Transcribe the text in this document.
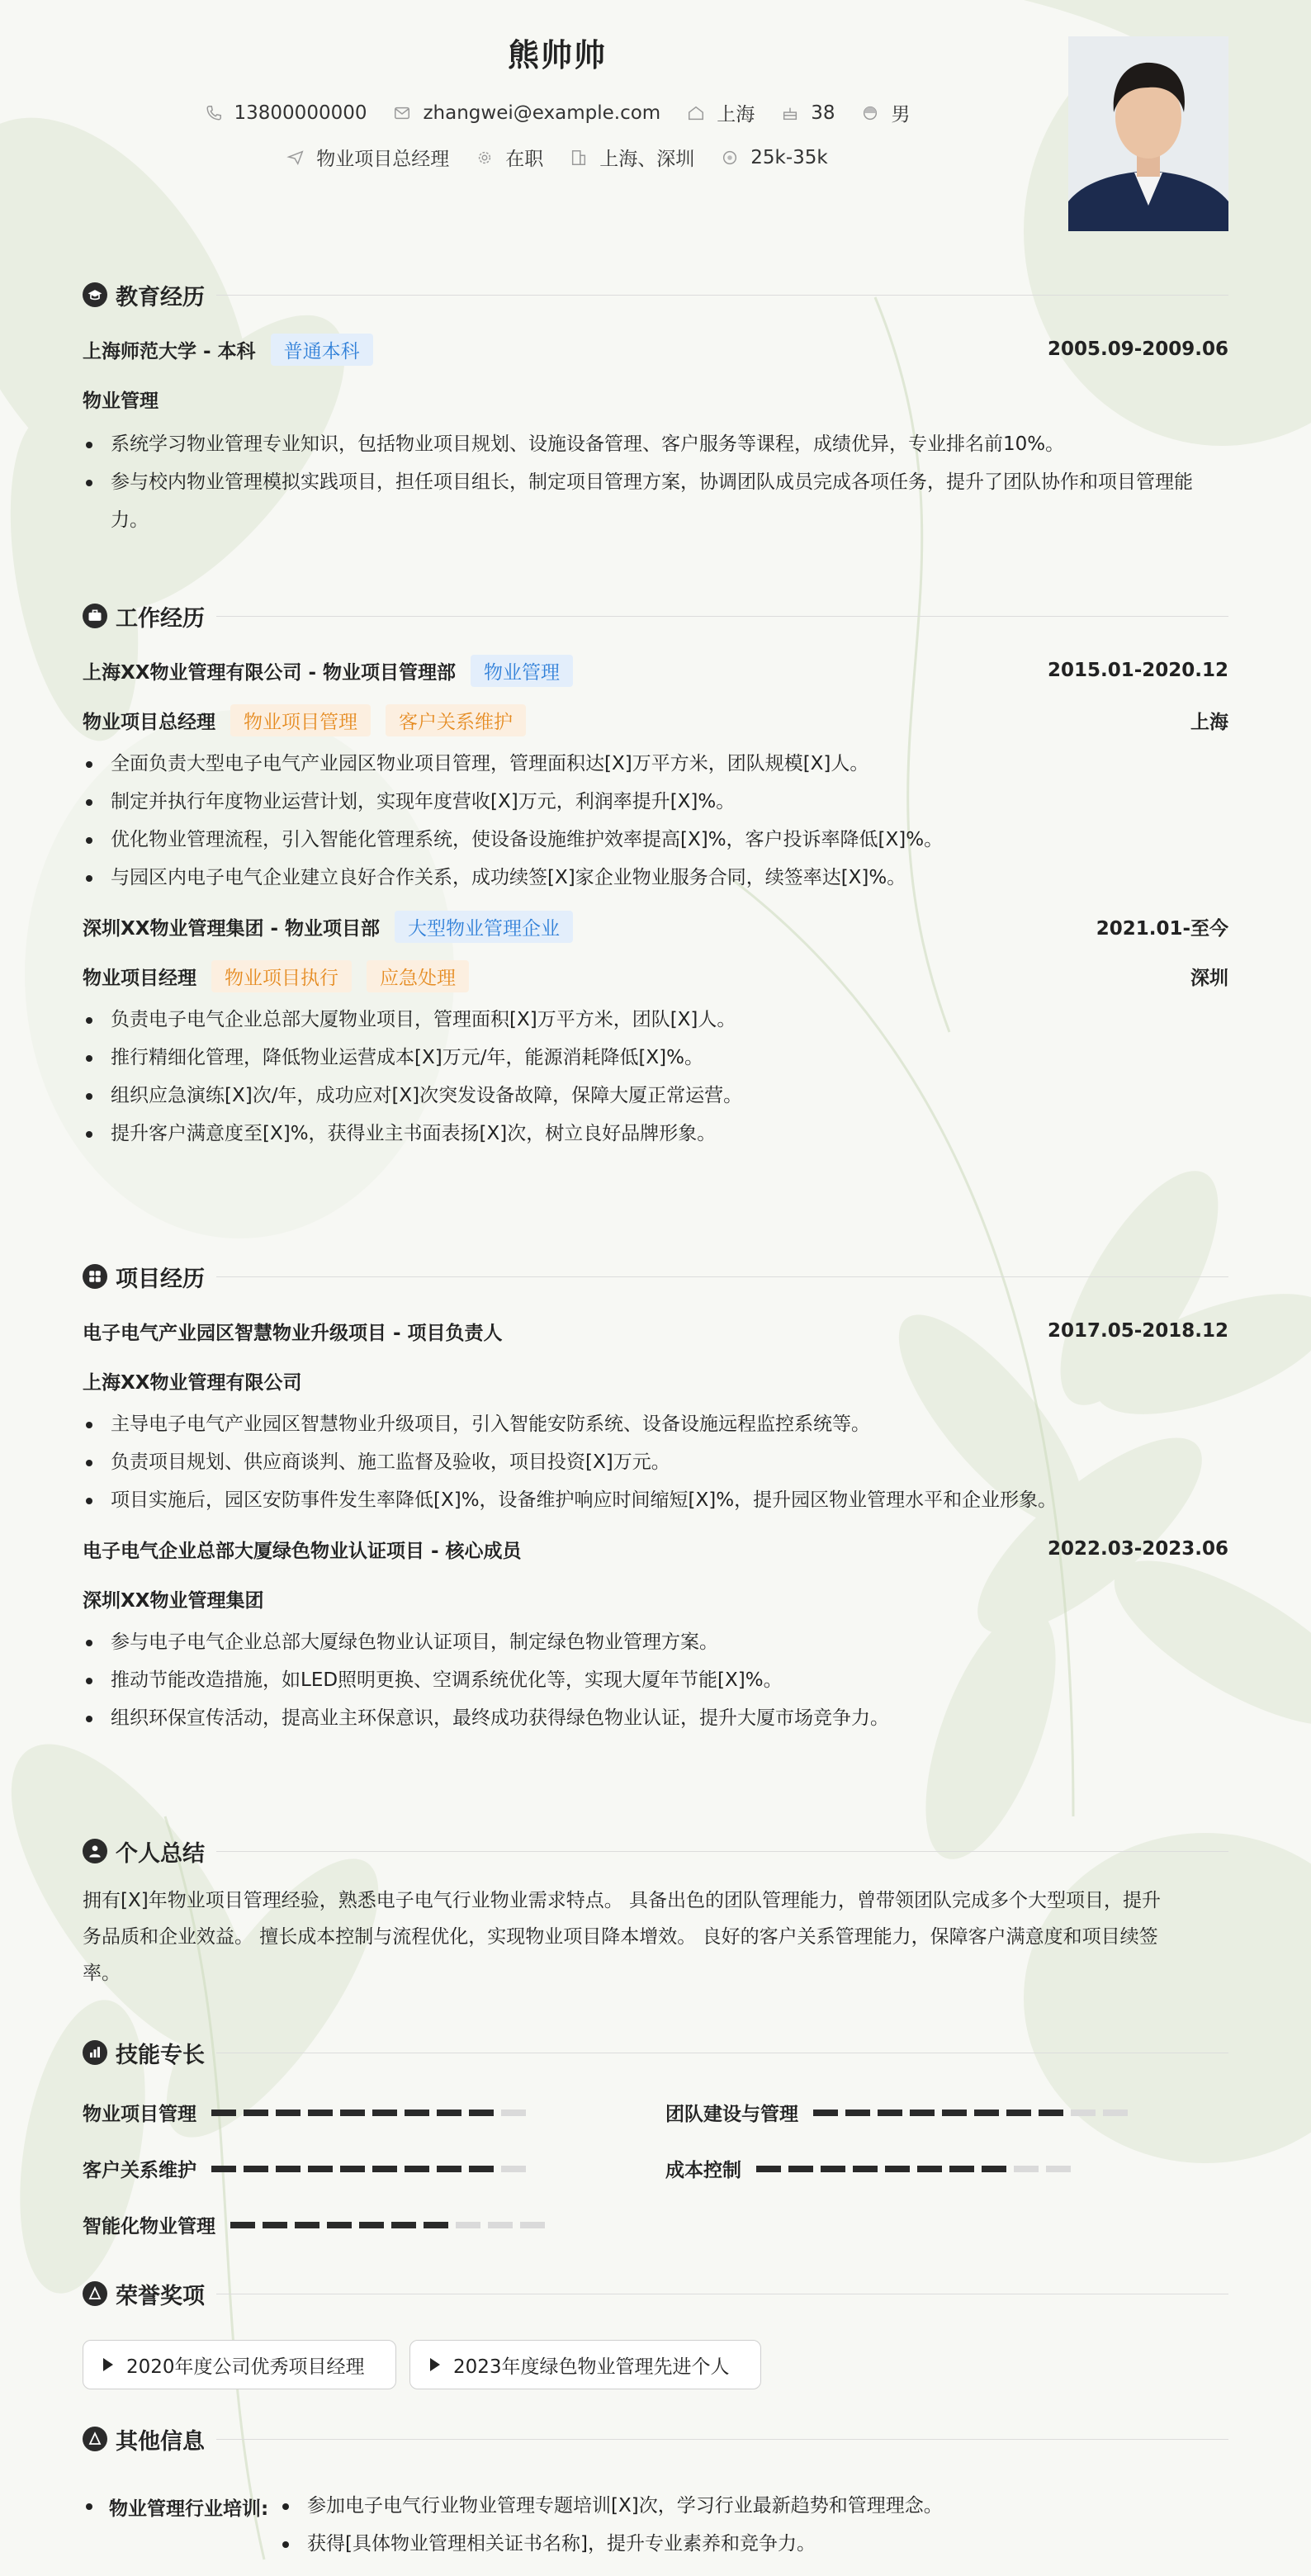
熊帅帅
13800000000	zhangwei@example.com	上海	38	男
物业项目总经理	在职	上海、深圳	25k-35k
教育经历
上海师范大学 - 本科	普通本科	2005.09-2009.06
物业管理
系统学习物业管理专业知识，包括物业项目规划、设施设备管理、客户服务等课程，成绩优异，专业排名前10%。
参与校内物业管理模拟实践项目，担任项目组长，制定项目管理方案，协调团队成员完成各项任务，提升了团队协作和项目管理能力。
工作经历
上海XX物业管理有限公司 - 物业项目管理部	物业管理	2015.01-2020.12
物业项目总经理	物业项目管理	客户关系维护	上海
全面负责大型电子电气产业园区物业项目管理，管理面积达[X]万平方米，团队规模[X]人。
制定并执行年度物业运营计划，实现年度营收[X]万元，利润率提升[X]%。
优化物业管理流程，引入智能化管理系统，使设备设施维护效率提高[X]%，客户投诉率降低[X]%。
与园区内电子电气企业建立良好合作关系，成功续签[X]家企业物业服务合同，续签率达[X]%。
深圳XX物业管理集团 - 物业项目部	大型物业管理企业	2021.01-至今
物业项目经理	物业项目执行	应急处理	深圳
负责电子电气企业总部大厦物业项目，管理面积[X]万平方米，团队[X]人。
推行精细化管理，降低物业运营成本[X]万元/年，能源消耗降低[X]%。
组织应急演练[X]次/年，成功应对[X]次突发设备故障，保障大厦正常运营。
提升客户满意度至[X]%，获得业主书面表扬[X]次，树立良好品牌形象。
项目经历
电子电气产业园区智慧物业升级项目 - 项目负责人	2017.05-2018.12
上海XX物业管理有限公司
主导电子电气产业园区智慧物业升级项目，引入智能安防系统、设备设施远程监控系统等。
负责项目规划、供应商谈判、施工监督及验收，项目投资[X]万元。
项目实施后，园区安防事件发生率降低[X]%，设备维护响应时间缩短[X]%，提升园区物业管理水平和企业形象。
电子电气企业总部大厦绿色物业认证项目 - 核心成员	2022.03-2023.06
深圳XX物业管理集团
参与电子电气企业总部大厦绿色物业认证项目，制定绿色物业管理方案。
推动节能改造措施，如LED照明更换、空调系统优化等，实现大厦年节能[X]%。
组织环保宣传活动，提高业主环保意识，最终成功获得绿色物业认证，提升大厦市场竞争力。
个人总结
拥有[X]年物业项目管理经验，熟悉电子电气行业物业需求特点。 具备出色的团队管理能力，曾带领团队完成多个大型项目，提升
务品质和企业效益。 擅长成本控制与流程优化，实现物业项目降本增效。 良好的客户关系管理能力，保障客户满意度和项目续签
率。
技能专长
物业项目管理	团队建设与管理
客户关系维护	成本控制
智能化物业管理
荣誉奖项
2020年度公司优秀项目经理	2023年度绿色物业管理先进个人
其他信息
物业管理行业培训:	参加电子电气行业物业管理专题培训[X]次，学习行业最新趋势和管理理念。
获得[具体物业管理相关证书名称]，提升专业素养和竞争力。
